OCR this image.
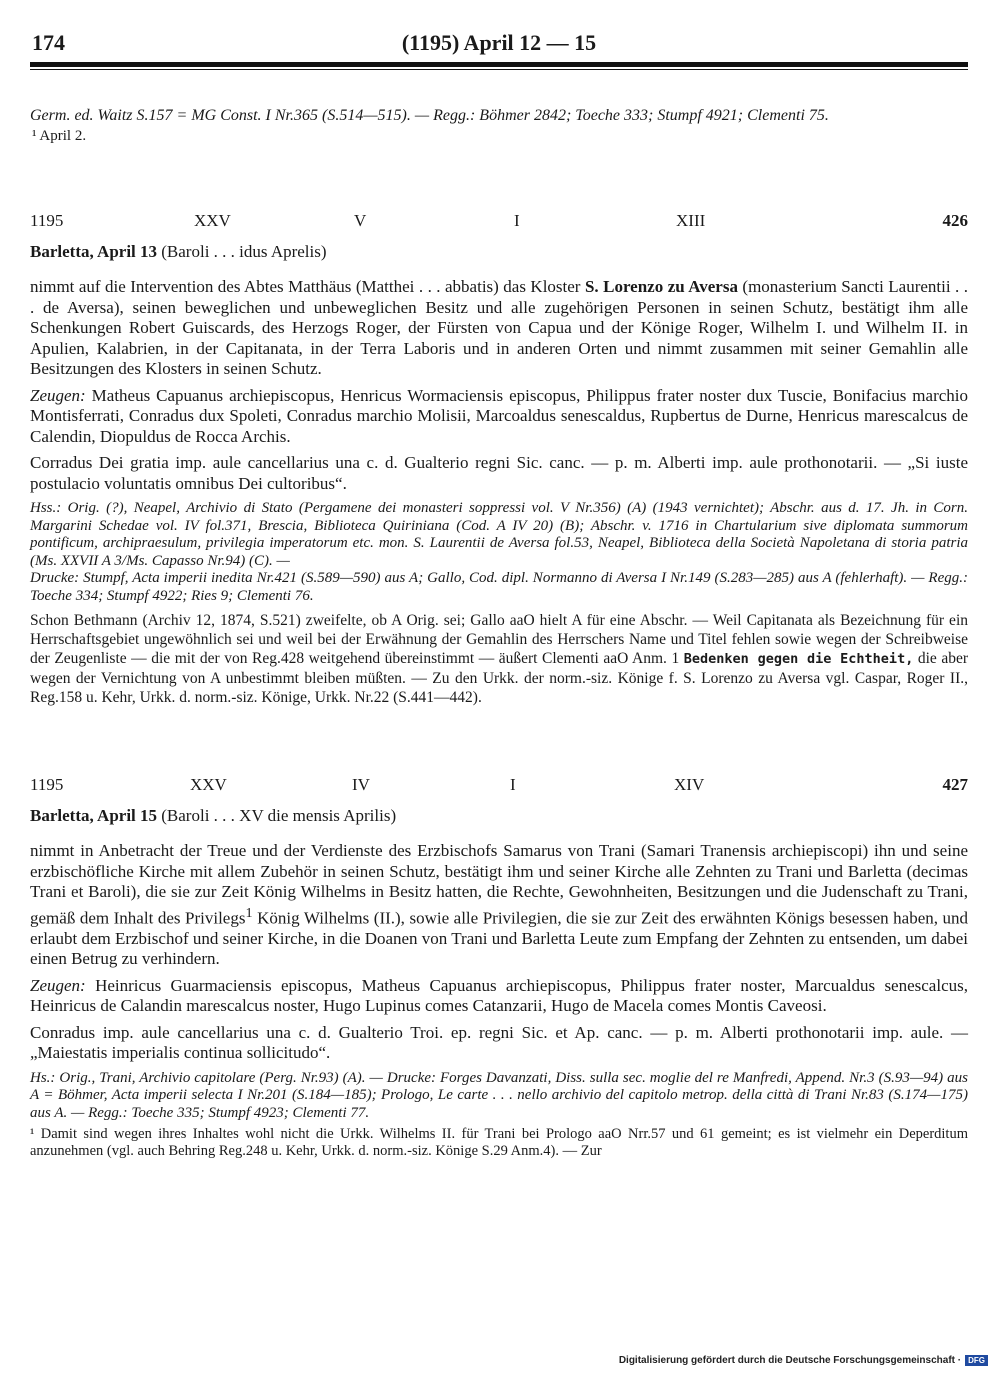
174	(1195) April 12 — 15

Germ. ed. Waitz S.157 = MG Const. I Nr.365 (S.514—515). — Regg.: Böhmer 2842; Toeche 333; Stumpf 4921; Clementi 75.

¹ April 2.

1195	XXV	V	I	XIII	426

Barletta, April 13 (Baroli . . . idus Aprelis)

nimmt auf die Intervention des Abtes Matthäus (Matthei . . . abbatis) das Kloster S. Lorenzo zu Aversa (monasterium Sancti Laurentii . . . de Aversa), seinen beweglichen und unbeweglichen Besitz und alle zugehörigen Personen in seinen Schutz, bestätigt ihm alle Schenkungen Robert Guiscards, des Herzogs Roger, der Fürsten von Capua und der Könige Roger, Wilhelm I. und Wilhelm II. in Apulien, Kalabrien, in der Capitanata, in der Terra Laboris und in anderen Orten und nimmt zusammen mit seiner Gemahlin alle Besitzungen des Klosters in seinen Schutz.

Zeugen: Matheus Capuanus archiepiscopus, Henricus Wormaciensis episcopus, Philippus frater noster dux Tuscie, Bonifacius marchio Montisferrati, Conradus dux Spoleti, Conradus marchio Molisii, Marcoaldus senescaldus, Rupbertus de Durne, Henricus marescalcus de Calendin, Diopuldus de Rocca Archis.

Corradus Dei gratia imp. aule cancellarius una c. d. Gualterio regni Sic. canc. — p. m. Alberti imp. aule prothonotarii. — „Si iuste postulacio voluntatis omnibus Dei cultoribus“.

Hss.: Orig. (?), Neapel, Archivio di Stato (Pergamene dei monasteri soppressi vol. V Nr.356) (A) (1943 vernichtet); Abschr. aus d. 17. Jh. in Corn. Margarini Schedae vol. IV fol.371, Brescia, Biblioteca Quiriniana (Cod. A IV 20) (B); Abschr. v. 1716 in Chartularium sive diplomata summorum pontificum, archipraesulum, privilegia imperatorum etc. mon. S. Laurentii de Aversa fol.53, Neapel, Biblioteca della Società Napoletana di storia patria (Ms. XXVII A 3/Ms. Capasso Nr.94) (C). —

Drucke: Stumpf, Acta imperii inedita Nr.421 (S.589—590) aus A; Gallo, Cod. dipl. Normanno di Aversa I Nr.149 (S.283—285) aus A (fehlerhaft). — Regg.: Toeche 334; Stumpf 4922; Ries 9; Clementi 76.

Schon Bethmann (Archiv 12, 1874, S.521) zweifelte, ob A Orig. sei; Gallo aaO hielt A für eine Abschr. — Weil Capitanata als Bezeichnung für ein Herrschaftsgebiet ungewöhnlich sei und weil bei der Erwähnung der Gemahlin des Herrschers Name und Titel fehlen sowie wegen der Schreibweise der Zeugenliste — die mit der von Reg.428 weitgehend übereinstimmt — äußert Clementi aaO Anm. 1 Bedenken gegen die Echtheit, die aber wegen der Vernichtung von A unbestimmt bleiben müßten. — Zu den Urkk. der norm.-siz. Könige f. S. Lorenzo zu Aversa vgl. Caspar, Roger II., Reg.158 u. Kehr, Urkk. d. norm.-siz. Könige, Urkk. Nr.22 (S.441—442).

1195	XXV	IV	I	XIV	427

Barletta, April 15 (Baroli . . . XV die mensis Aprilis)

nimmt in Anbetracht der Treue und der Verdienste des Erzbischofs Samarus von Trani (Samari Tranensis archiepiscopi) ihn und seine erzbischöfliche Kirche mit allem Zubehör in seinen Schutz, bestätigt ihm und seiner Kirche alle Zehnten zu Trani und Barletta (decimas Trani et Baroli), die sie zur Zeit König Wilhelms in Besitz hatten, die Rechte, Gewohnheiten, Besitzungen und die Judenschaft zu Trani, gemäß dem Inhalt des Privilegs$^1$ König Wilhelms (II.), sowie alle Privilegien, die sie zur Zeit des erwähnten Königs besessen haben, und erlaubt dem Erzbischof und seiner Kirche, in die Doanen von Trani und Barletta Leute zum Empfang der Zehnten zu entsenden, um dabei einen Betrug zu verhindern.

Zeugen: Heinricus Guarmaciensis episcopus, Matheus Capuanus archiepiscopus, Philippus frater noster, Marcualdus senescalcus, Heinricus de Calandin marescalcus noster, Hugo Lupinus comes Catanzarii, Hugo de Macela comes Montis Caveosi.

Conradus imp. aule cancellarius una c. d. Gualterio Troi. ep. regni Sic. et Ap. canc. — p. m. Alberti prothonotarii imp. aule. — „Maiestatis imperialis continua sollicitudo“.

Hs.: Orig., Trani, Archivio capitolare (Perg. Nr.93) (A). — Drucke: Forges Davanzati, Diss. sulla sec. moglie del re Manfredi, Append. Nr.3 (S.93—94) aus A = Böhmer, Acta imperii selecta I Nr.201 (S.184—185); Prologo, Le carte . . . nello archivio del capitolo metrop. della città di Trani Nr.83 (S.174—175) aus A. — Regg.: Toeche 335; Stumpf 4923; Clementi 77.

¹ Damit sind wegen ihres Inhaltes wohl nicht die Urkk. Wilhelms II. für Trani bei Prologo aaO Nrr.57 und 61 gemeint; es ist vielmehr ein Deperditum anzunehmen (vgl. auch Behring Reg.248 u. Kehr, Urkk. d. norm.-siz. Könige S.29 Anm.4). — Zur

Digitalisierung gefördert durch die Deutsche Forschungsgemeinschaft · DFG
